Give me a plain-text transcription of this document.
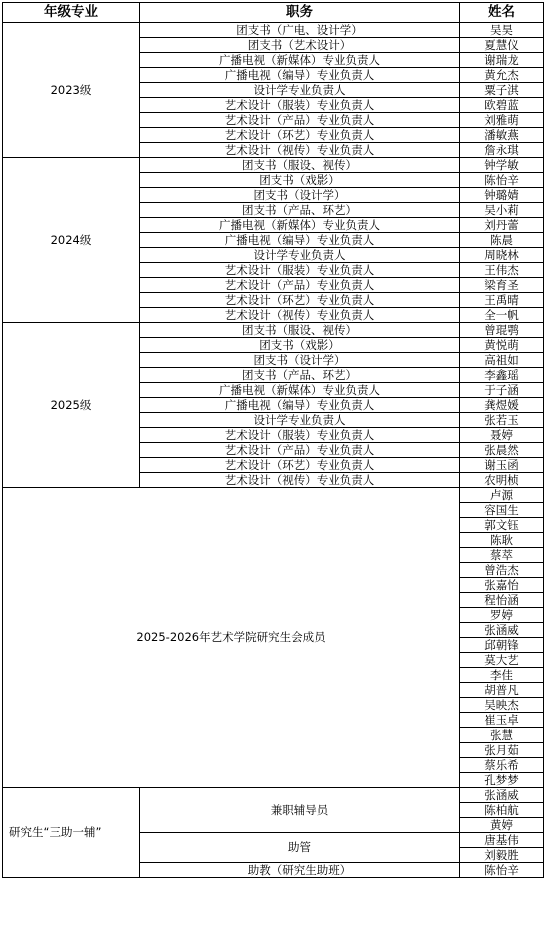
年级专业	职务	姓名
2023级	团支书（广电、设计学）	吴昊
	团支书（艺术设计）	夏慧仪
	广播电视（新媒体）专业负责人	谢瑞龙
	广播电视（编导）专业负责人	黄允杰
	设计学专业负责人	粟子淇
	艺术设计（服装）专业负责人	欧碧蓝
	艺术设计（产品）专业负责人	刘雅萌
	艺术设计（环艺）专业负责人	潘敏燕
	艺术设计（视传）专业负责人	詹永琪
2024级	团支书（服设、视传）	钟学敏
	团支书（戏影）	陈怡辛
	团支书（设计学）	钟璐婧
	团支书（产品、环艺）	吴小莉
	广播电视（新媒体）专业负责人	刘丹蕾
	广播电视（编导）专业负责人	陈晨
	设计学专业负责人	周晓林
	艺术设计（服装）专业负责人	王伟杰
	艺术设计（产品）专业负责人	梁育圣
	艺术设计（环艺）专业负责人	王禹晴
	艺术设计（视传）专业负责人	全一帆
2025级	团支书（服设、视传）	曾琨鹗
	团支书（戏影）	黄悦萌
	团支书（设计学）	高祖如
	团支书（产品、环艺）	李鑫瑶
	广播电视（新媒体）专业负责人	于子涵
	广播电视（编导）专业负责人	龚煜媛
	设计学专业负责人	张若玉
	艺术设计（服装）专业负责人	聂婷
	艺术设计（产品）专业负责人	张晨然
	艺术设计（环艺）专业负责人	谢玉函
	艺术设计（视传）专业负责人	农明桢
2025-2026年艺术学院研究生会成员		卢源
		容国生
		郭文钰
		陈耿
		蔡萃
		曾浩杰
		张嘉怡
		程怡涵
		罗婷
		张涵威
		邱朝锋
		莫大艺
		李佳
		胡普凡
		吴映杰
		崔玉卓
		张慧
		张月茹
		蔡乐希
		孔梦梦
研究生“三助一辅”	兼职辅导员	张涵威
		陈柏航
		黄婷
	助管	唐基伟
		刘毅胜
	助教（研究生助班）	陈怡辛
